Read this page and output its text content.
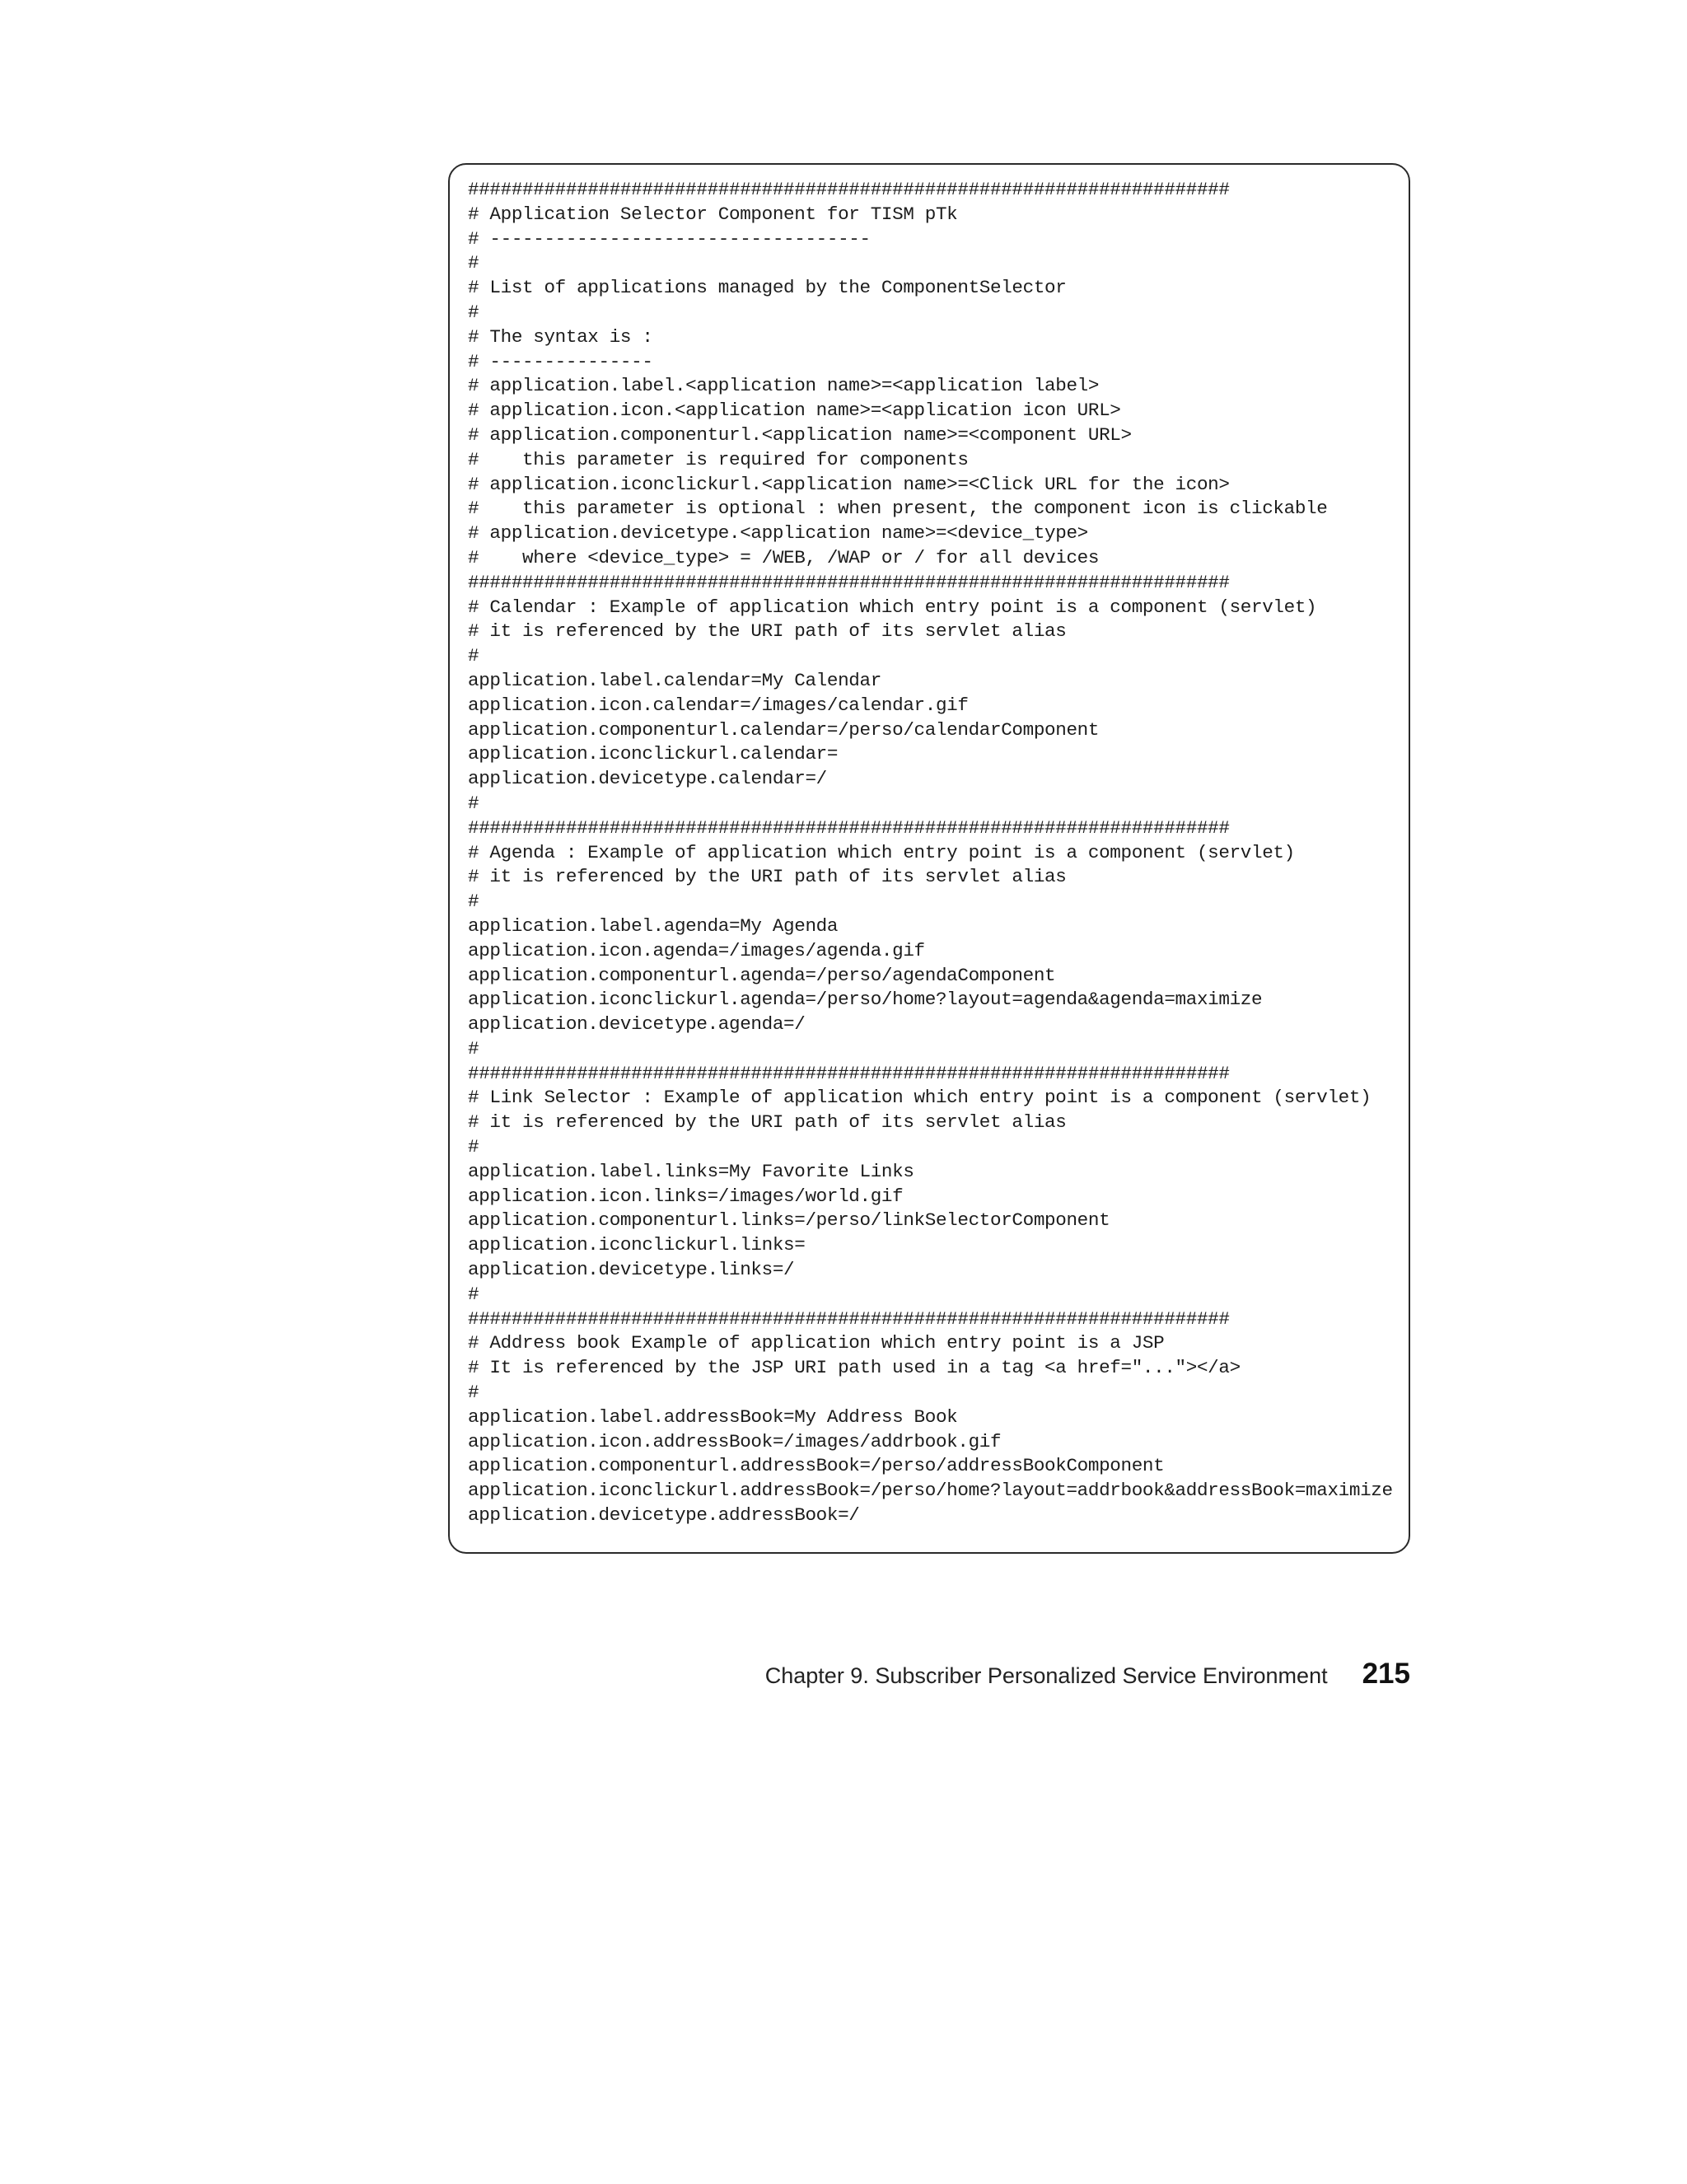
######################################################################
# Application Selector Component for TISM pTk
# -----------------------------------
#
# List of applications managed by the ComponentSelector
#
# The syntax is :
# ---------------
# application.label.<application name>=<application label>
# application.icon.<application name>=<application icon URL>
# application.componenturl.<application name>=<component URL>
#    this parameter is required for components
# application.iconclickurl.<application name>=<Click URL for the icon>
#    this parameter is optional : when present, the component icon is clickable
# application.devicetype.<application name>=<device_type>
#    where <device_type> = /WEB, /WAP or / for all devices
######################################################################
# Calendar : Example of application which entry point is a component (servlet)
# it is referenced by the URI path of its servlet alias
#
application.label.calendar=My Calendar
application.icon.calendar=/images/calendar.gif
application.componenturl.calendar=/perso/calendarComponent
application.iconclickurl.calendar=
application.devicetype.calendar=/
#
######################################################################
# Agenda : Example of application which entry point is a component (servlet)
# it is referenced by the URI path of its servlet alias
#
application.label.agenda=My Agenda
application.icon.agenda=/images/agenda.gif
application.componenturl.agenda=/perso/agendaComponent
application.iconclickurl.agenda=/perso/home?layout=agenda&agenda=maximize
application.devicetype.agenda=/
#
######################################################################
# Link Selector : Example of application which entry point is a component (servlet)
# it is referenced by the URI path of its servlet alias
#
application.label.links=My Favorite Links
application.icon.links=/images/world.gif
application.componenturl.links=/perso/linkSelectorComponent
application.iconclickurl.links=
application.devicetype.links=/
#
######################################################################
# Address book Example of application which entry point is a JSP
# It is referenced by the JSP URI path used in a tag <a href="..."></a>
#
application.label.addressBook=My Address Book
application.icon.addressBook=/images/addrbook.gif
application.componenturl.addressBook=/perso/addressBookComponent
application.iconclickurl.addressBook=/perso/home?layout=addrbook&addressBook=maximize
application.devicetype.addressBook=/
Chapter 9. Subscriber Personalized Service Environment 215
